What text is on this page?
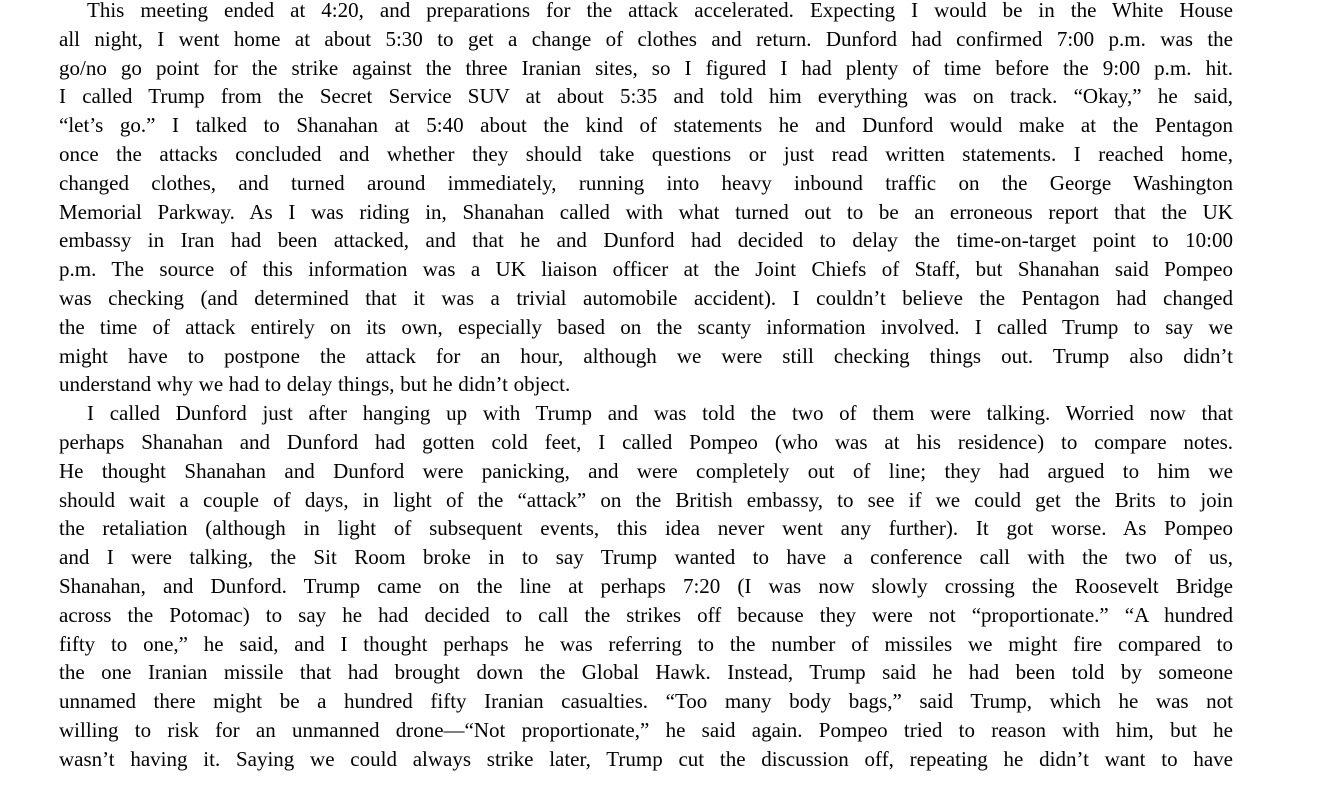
This meeting ended at 4:20, and preparations for the attack accelerated. Expecting I would be in the White House
all night, I went home at about 5:30 to get a change of clothes and return. Dunford had confirmed 7:00 p.m. was the
go/no go point for the strike against the three Iranian sites, so I figured I had plenty of time before the 9:00 p.m. hit.
I called Trump from the Secret Service SUV at about 5:35 and told him everything was on track. “Okay,” he said,
“let’s go.” I talked to Shanahan at 5:40 about the kind of statements he and Dunford would make at the Pentagon
once the attacks concluded and whether they should take questions or just read written statements. I reached home,
changed clothes, and turned around immediately, running into heavy inbound traffic on the George Washington
Memorial Parkway. As I was riding in, Shanahan called with what turned out to be an erroneous report that the UK
embassy in Iran had been attacked, and that he and Dunford had decided to delay the time-on-target point to 10:00
p.m. The source of this information was a UK liaison officer at the Joint Chiefs of Staff, but Shanahan said Pompeo
was checking (and determined that it was a trivial automobile accident). I couldn’t believe the Pentagon had changed
the time of attack entirely on its own, especially based on the scanty information involved. I called Trump to say we
might have to postpone the attack for an hour, although we were still checking things out. Trump also didn’t
understand why we had to delay things, but he didn’t object.
I called Dunford just after hanging up with Trump and was told the two of them were talking. Worried now that
perhaps Shanahan and Dunford had gotten cold feet, I called Pompeo (who was at his residence) to compare notes.
He thought Shanahan and Dunford were panicking, and were completely out of line; they had argued to him we
should wait a couple of days, in light of the “attack” on the British embassy, to see if we could get the Brits to join
the retaliation (although in light of subsequent events, this idea never went any further). It got worse. As Pompeo
and I were talking, the Sit Room broke in to say Trump wanted to have a conference call with the two of us,
Shanahan, and Dunford. Trump came on the line at perhaps 7:20 (I was now slowly crossing the Roosevelt Bridge
across the Potomac) to say he had decided to call the strikes off because they were not “proportionate.” “A hundred
fifty to one,” he said, and I thought perhaps he was referring to the number of missiles we might fire compared to
the one Iranian missile that had brought down the Global Hawk. Instead, Trump said he had been told by someone
unnamed there might be a hundred fifty Iranian casualties. “Too many body bags,” said Trump, which he was not
willing to risk for an unmanned drone—“Not proportionate,” he said again. Pompeo tried to reason with him, but he
wasn’t having it. Saying we could always strike later, Trump cut the discussion off, repeating he didn’t want to have
